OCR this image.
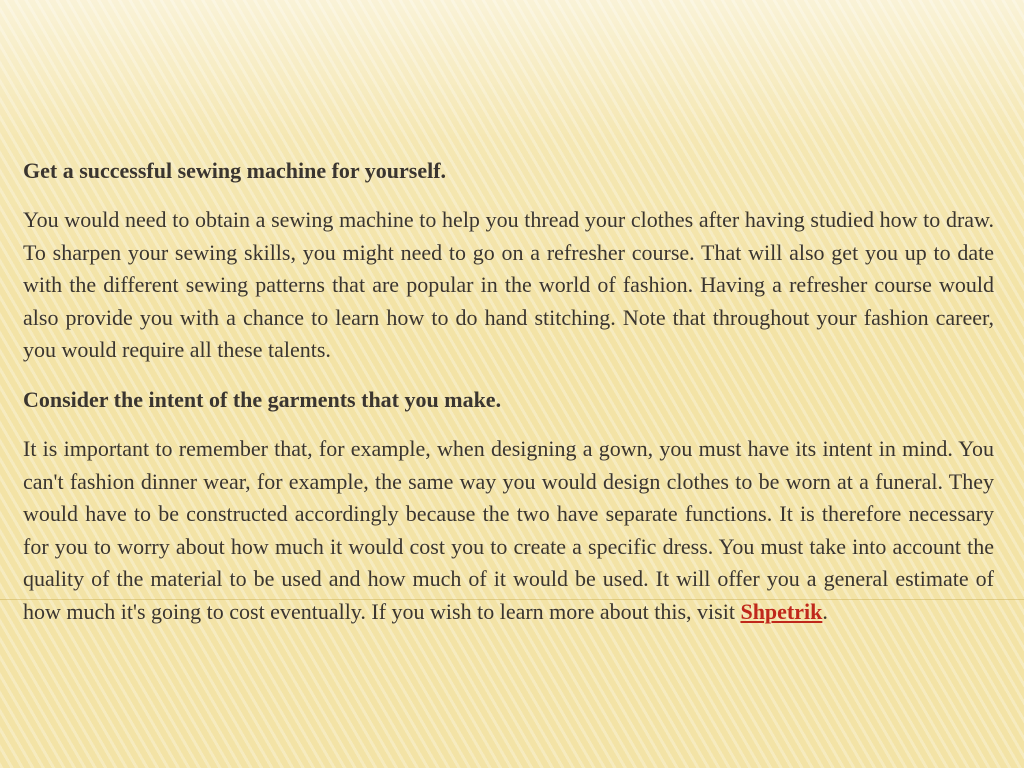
Get a successful sewing machine for yourself.
You would need to obtain a sewing machine to help you thread your clothes after having studied how to draw. To sharpen your sewing skills, you might need to go on a refresher course. That will also get you up to date with the different sewing patterns that are popular in the world of fashion. Having a refresher course would also provide you with a chance to learn how to do hand stitching. Note that throughout your fashion career, you would require all these talents.
Consider the intent of the garments that you make.
It is important to remember that, for example, when designing a gown, you must have its intent in mind. You can't fashion dinner wear, for example, the same way you would design clothes to be worn at a funeral. They would have to be constructed accordingly because the two have separate functions. It is therefore necessary for you to worry about how much it would cost you to create a specific dress. You must take into account the quality of the material to be used and how much of it would be used. It will offer you a general estimate of how much it's going to cost eventually. If you wish to learn more about this, visit Shpetrik.
